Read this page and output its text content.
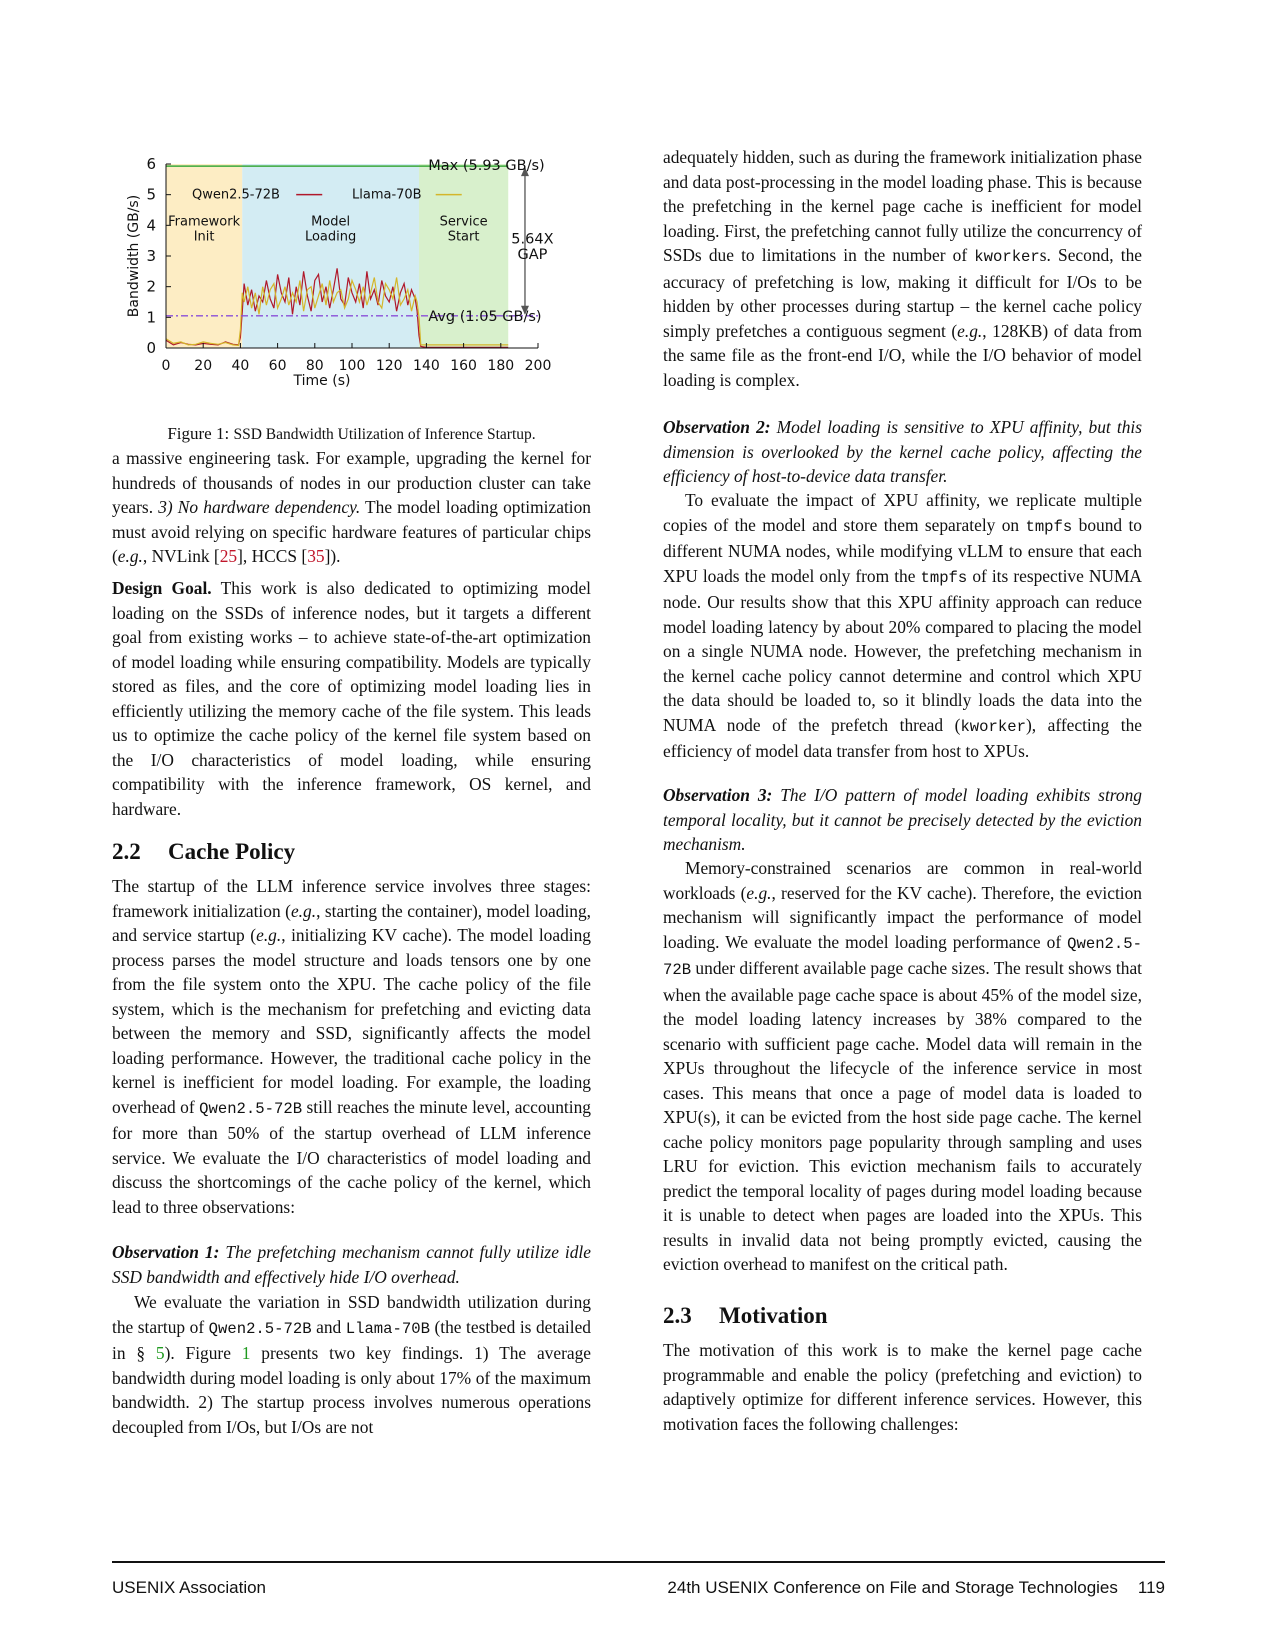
0 20 40 60 80 100 120 140 160 180 200
0
1
2
3
4
5
6
Time (s)
Bandwidth (GB/s) Framework
Init
Model
Loading
Service
Start
Qwen2.5-72B	Llama-70B
Max (5.93 GB/s)
Avg (1.05 GB/s)
5.64X
GAP
Figure 1: SSD Bandwidth Utilization of Inference Startup.

a massive engineering task. For example, upgrading the kernel for hundreds of thousands of nodes in our production cluster can take years. 3) No hardware dependency. The model loading optimization must avoid relying on specific hardware features of particular chips (e.g., NVLink [25], HCCS [35]).

Design Goal. This work is also dedicated to optimizing model loading on the SSDs of inference nodes, but it targets a different goal from existing works – to achieve state-of-the-art optimization of model loading while ensuring compatibility. Models are typically stored as files, and the core of optimizing model loading lies in efficiently utilizing the memory cache of the file system. This leads us to optimize the cache policy of the kernel file system based on the I/O characteristics of model loading, while ensuring compatibility with the inference framework, OS kernel, and hardware.

2.2 Cache Policy

The startup of the LLM inference service involves three stages: framework initialization (e.g., starting the container), model loading, and service startup (e.g., initializing KV cache). The model loading process parses the model structure and loads tensors one by one from the file system onto the XPU. The cache policy of the file system, which is the mechanism for prefetching and evicting data between the memory and SSD, significantly affects the model loading performance. However, the traditional cache policy in the kernel is inefficient for model loading. For example, the loading overhead of Qwen2.5-72B still reaches the minute level, accounting for more than 50% of the startup overhead of LLM inference service. We evaluate the I/O characteristics of model loading and discuss the shortcomings of the cache policy of the kernel, which lead to three observations:

Observation 1: The prefetching mechanism cannot fully utilize idle SSD bandwidth and effectively hide I/O overhead.

We evaluate the variation in SSD bandwidth utilization during the startup of Qwen2.5-72B and Llama-70B (the testbed is detailed in § 5). Figure 1 presents two key findings. 1) The average bandwidth during model loading is only about 17% of the maximum bandwidth. 2) The startup process involves numerous operations decoupled from I/Os, but I/Os are not

adequately hidden, such as during the framework initialization phase and data post-processing in the model loading phase. This is because the prefetching in the kernel page cache is inefficient for model loading. First, the prefetching cannot fully utilize the concurrency of SSDs due to limitations in the number of kworkers. Second, the accuracy of prefetching is low, making it difficult for I/Os to be hidden by other processes during startup – the kernel cache policy simply prefetches a contiguous segment (e.g., 128KB) of data from the same file as the front-end I/O, while the I/O behavior of model loading is complex.

Observation 2: Model loading is sensitive to XPU affinity, but this dimension is overlooked by the kernel cache policy, affecting the efficiency of host-to-device data transfer.

To evaluate the impact of XPU affinity, we replicate multiple copies of the model and store them separately on tmpfs bound to different NUMA nodes, while modifying vLLM to ensure that each XPU loads the model only from the tmpfs of its respective NUMA node. Our results show that this XPU affinity approach can reduce model loading latency by about 20% compared to placing the model on a single NUMA node. However, the prefetching mechanism in the kernel cache policy cannot determine and control which XPU the data should be loaded to, so it blindly loads the data into the NUMA node of the prefetch thread (kworker), affecting the efficiency of model data transfer from host to XPUs.

Observation 3: The I/O pattern of model loading exhibits strong temporal locality, but it cannot be precisely detected by the eviction mechanism.

Memory-constrained scenarios are common in real-world workloads (e.g., reserved for the KV cache). Therefore, the eviction mechanism will significantly impact the performance of model loading. We evaluate the model loading performance of Qwen2.5-72B under different available page cache sizes. The result shows that when the available page cache space is about 45% of the model size, the model loading latency increases by 38% compared to the scenario with sufficient page cache. Model data will remain in the XPUs throughout the lifecycle of the inference service in most cases. This means that once a page of model data is loaded to XPU(s), it can be evicted from the host side page cache. The kernel cache policy monitors page popularity through sampling and uses LRU for eviction. This eviction mechanism fails to accurately predict the temporal locality of pages during model loading because it is unable to detect when pages are loaded into the XPUs. This results in invalid data not being promptly evicted, causing the eviction overhead to manifest on the critical path.

2.3 Motivation

The motivation of this work is to make the kernel page cache programmable and enable the policy (prefetching and eviction) to adaptively optimize for different inference services. However, this motivation faces the following challenges:

USENIX Association	24th USENIX Conference on File and Storage Technologies 119
